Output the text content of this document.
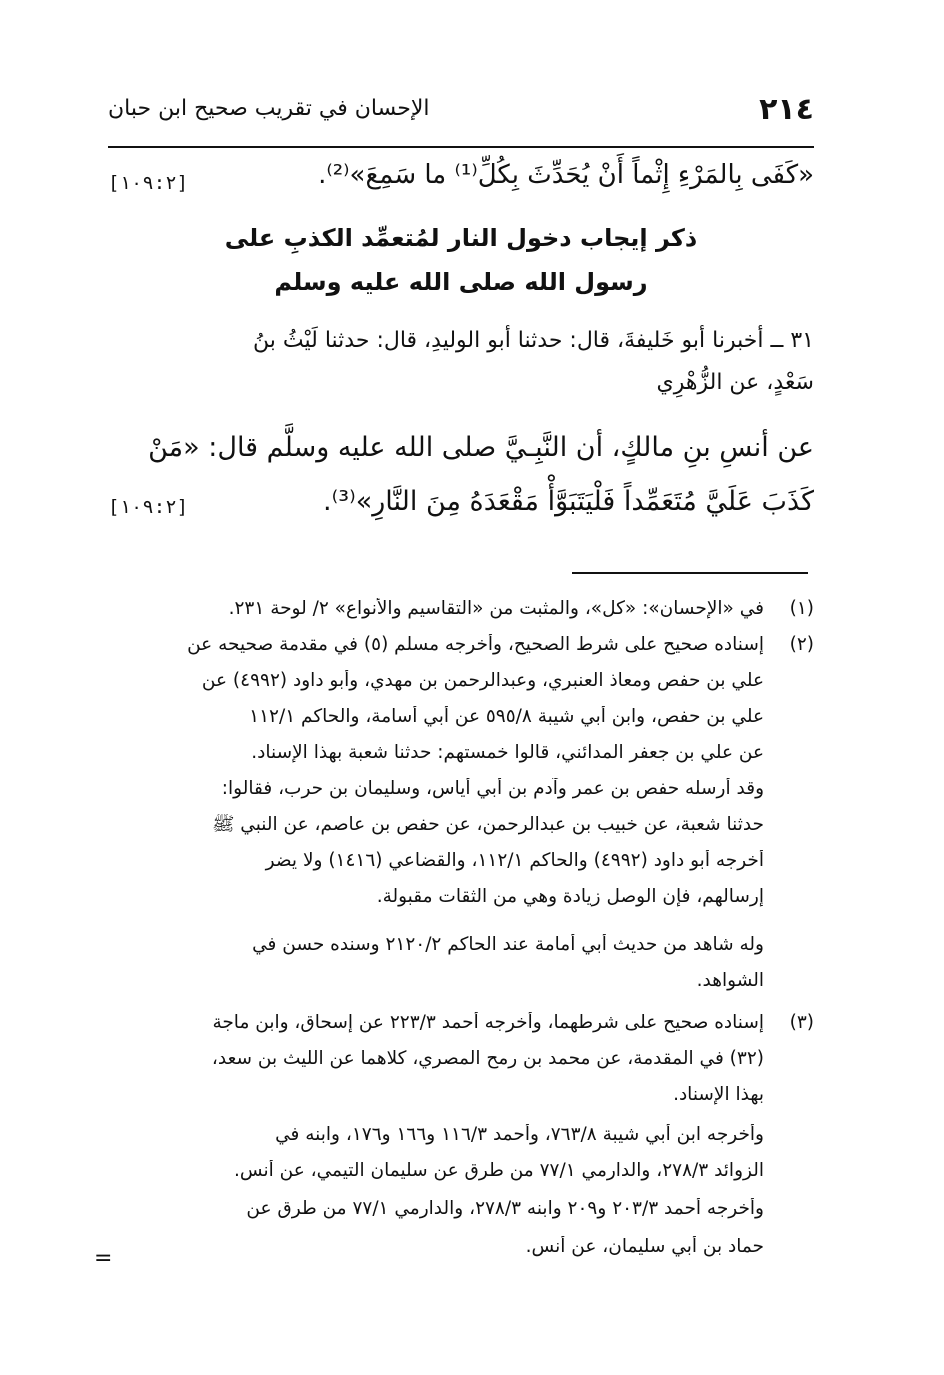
٢١٤
الإحسان في تقريب صحيح ابن حبان
«كَفَى بِالمَرْءِ إِثْماً أَنْ يُحَدِّثَ بِكُلِّ⁽¹⁾ ما سَمِعَ»⁽²⁾.
[١٠٩:٢]
ذكر إيجاب دخول النار لمُتعمِّد الكذبِ على
رسول الله صلى الله عليه وسلم
٣١ ــ أخبرنا أبو خَليفةَ، قال: حدثنا أبو الوليدِ، قال: حدثنا لَيْثُ بنُ
سَعْدٍ، عن الزُّهْرِي
عن أنسِ بنِ مالكٍ، أن النَّبِـيَّ صلى الله عليه وسلَّم قال: «مَنْ
كَذَبَ عَلَيَّ مُتَعَمِّداً فَلْيَتَبَوَّأْ مَقْعَدَهُ مِنَ النَّارِ»⁽³⁾.
[١٠٩:٢]
(١)
في «الإحسان»: «كل»، والمثبت من «التقاسيم والأنواع» ٢/ لوحة ٢٣١.
(٢)
إسناده صحيح على شرط الصحيح، وأخرجه مسلم (٥) في مقدمة صحيحه عن
علي بن حفص ومعاذ العنبري، وعبدالرحمن بن مهدي، وأبو داود (٤٩٩٢) عن
علي بن حفص، وابن أبي شيبة ٥٩٥/٨ عن أبي أسامة، والحاكم ١١٢/١
عن علي بن جعفر المدائني، قالوا خمستهم: حدثنا شعبة بهذا الإسناد.
وقد أرسله حفص بن عمر وآدم بن أبي أياس، وسليمان بن حرب، فقالوا:
حدثنا شعبة، عن خبيب بن عبدالرحمن، عن حفص بن عاصم، عن النبي ﷺ
أخرجه أبو داود (٤٩٩٢) والحاكم ١١٢/١، والقضاعي (١٤١٦) ولا يضر
إرسالهم، فإن الوصل زيادة وهي من الثقات مقبولة.
وله شاهد من حديث أبي أمامة عند الحاكم ٢١٢٠/٢ وسنده حسن في
الشواهد.
(٣)
إسناده صحيح على شرطهما، وأخرجه أحمد ٢٢٣/٣ عن إسحاق، وابن ماجة
(٣٢) في المقدمة، عن محمد بن رمح المصري، كلاهما عن الليث بن سعد،
بهذا الإسناد.
وأخرجه ابن أبي شيبة ٧٦٣/٨، وأحمد ١١٦/٣ و١٦٦ و١٧٦، وابنه في
الزوائد ٢٧٨/٣، والدارمي ٧٧/١ من طرق عن سليمان التيمي، عن أنس.
وأخرجه أحمد ٢٠٣/٣ و٢٠٩ وابنه ٢٧٨/٣، والدارمي ٧٧/١ من طرق عن
حماد بن أبي سليمان، عن أنس.
=
